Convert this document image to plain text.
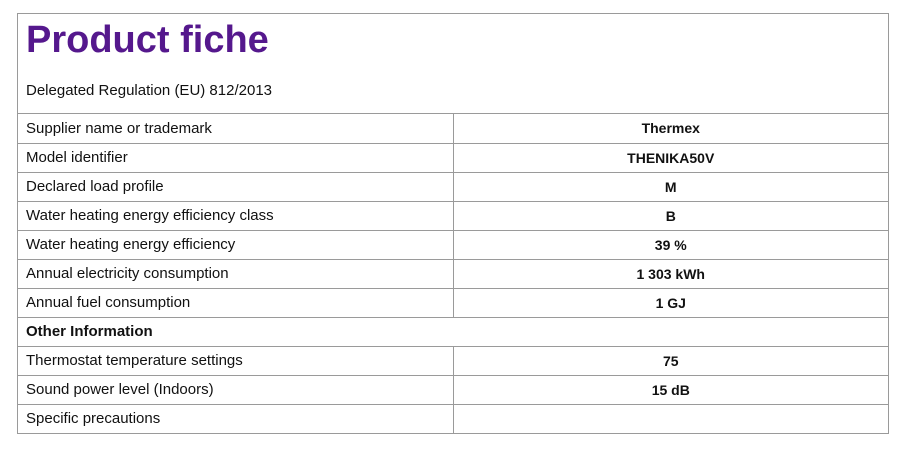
Product fiche
Delegated Regulation (EU) 812/2013
Supplier name or trademark	Thermex
Model identifier	THENIKA50V
Declared load profile	M
Water heating energy efficiency class	B
Water heating energy efficiency	39 %
Annual electricity consumption	1 303 kWh
Annual fuel consumption	1 GJ
Other Information	
Thermostat temperature settings	75
Sound power level (Indoors)	15 dB
Specific precautions	
